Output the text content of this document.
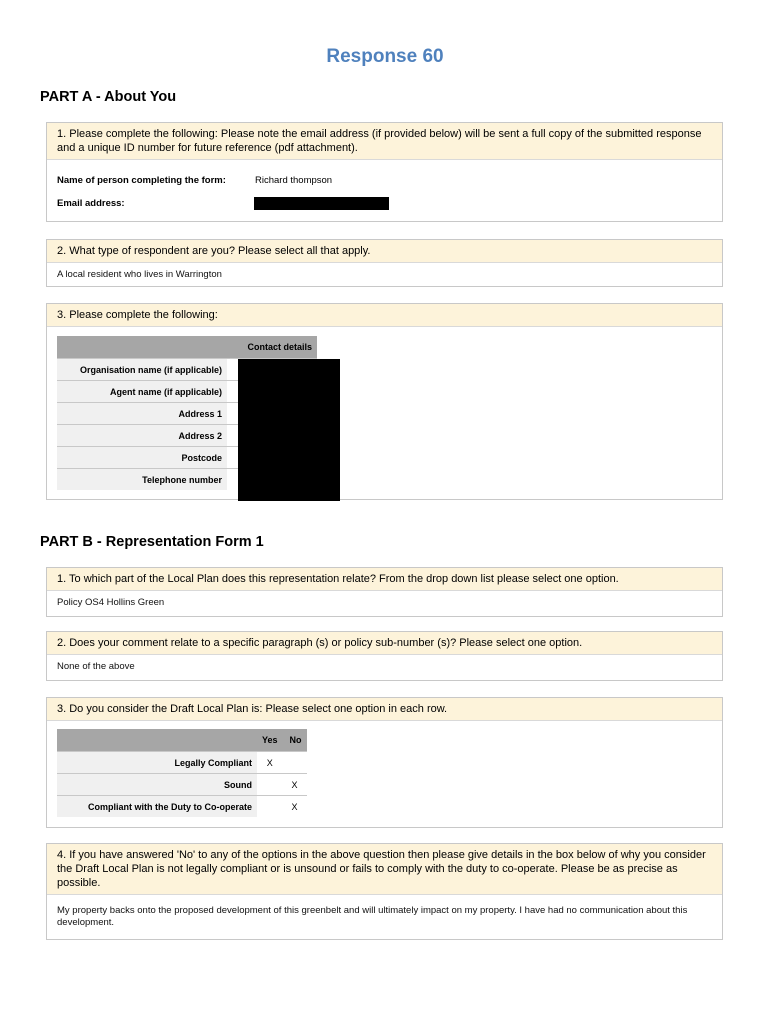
Response 60
PART A - About You
1. Please complete the following: Please note the email address (if provided below) will be sent a full copy of the submitted response and a unique ID number for future reference (pdf attachment).
Name of person completing the form:	Richard thompson
Email address:
2. What type of respondent are you? Please select all that apply.
A local resident who lives in Warrington
3. Please complete the following:
	Contact details
Organisation name (if applicable)	
Agent name (if applicable)	
Address 1	
Address 2	
Postcode	
Telephone number	
PART B - Representation Form 1
1. To which part of the Local Plan does this representation relate? From the drop down list please select one option.
Policy OS4 Hollins Green
2. Does your comment relate to a specific paragraph (s) or policy sub-number (s)? Please select one option.
None of the above
3. Do you consider the Draft Local Plan is: Please select one option in each row.
	Yes	No
Legally Compliant	X	
Sound		X
Compliant with the Duty to Co-operate		X
4. If you have answered 'No' to any of the options in the above question then please give details in the box below of why you consider the Draft Local Plan is not legally compliant or is unsound or fails to comply with the duty to co-operate. Please be as precise as possible.
My property backs onto the proposed development of this greenbelt and will ultimately impact on my property. I have had no communication about this development.
